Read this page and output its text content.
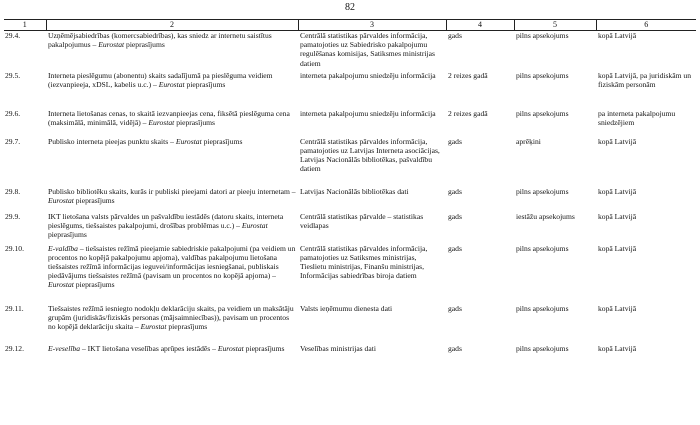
82
1	2	3	4	5	6
29.4.	Uzņēmējsabiedrības (komercsabiedrības), kas sniedz ar internetu saistītus pakalpojumus – Eurostat pieprasījums	Centrālā statistikas pārvaldes informācija, pamatojoties uz Sabiedrisko pakalpojumu regulēšanas komisijas, Satiksmes ministrijas datiem	gads	pilns apsekojums	kopā Latvijā
29.5.	Interneta pieslēgumu (abonentu) skaits sadalījumā pa pieslēguma veidiem (iezvanpieeja, xDSL, kabelis u.c.) – Eurostat pieprasījums	interneta pakalpojumu sniedzēju informācija	2 reizes gadā	pilns apsekojums	kopā Latvijā, pa juridiskām un fiziskām personām
29.6.	Interneta lietošanas cenas, to skaitā iezvanpieejas cena, fiksētā pieslēguma cena (maksimālā, minimālā, vidējā) – Eurostat pieprasījums	interneta pakalpojumu sniedzēju informācija	2 reizes gadā	pilns apsekojums	pa interneta pakalpojumu sniedzējiem
29.7.	Publisko interneta pieejas punktu skaits – Eurostat pieprasījums	Centrālā statistikas pārvaldes informācija, pamatojoties uz Latvijas Interneta asociācijas, Latvijas Nacionālās bibliotēkas, pašvaldību datiem	gads	aprēķini	kopā Latvijā
29.8.	Publisko bibliotēku skaits, kurās ir publiski pieejami datori ar pieeju internetam – Eurostat pieprasījums	Latvijas Nacionālās bibliotēkas dati	gads	pilns apsekojums	kopā Latvijā
29.9.	IKT lietošana valsts pārvaldes un pašvaldību iestādēs (datoru skaits, interneta pieslēgums, tiešsaistes pakalpojumi, drošības problēmas u.c.) – Eurostat pieprasījums	Centrālā statistikas pārvalde – statistikas veidlapas	gads	iestāžu apsekojums	kopā Latvijā
29.10.	E-valdība – tiešsaistes režīmā pieejamie sabiedriskie pakalpojumi (pa veidiem un procentos no kopējā pakalpojumu apjoma), valdības pakalpojumu lietošana tiešsaistes režīmā informācijas ieguvei/informācijas iesniegšanai, publiskais piedāvājums tiešsaistes režīmā (pavisam un procentos no kopējā apjoma) – Eurostat pieprasījums	Centrālā statistikas pārvaldes informācija, pamatojoties uz Satiksmes ministrijas, Tieslietu ministrijas, Finanšu ministrijas, Informācijas sabiedrības biroja datiem	gads	pilns apsekojums	kopā Latvijā
29.11.	Tiešsaistes režīmā iesniegto nodokļu deklarāciju skaits, pa veidiem un maksātāju grupām (juridiskās/fiziskās personas (mājsaimniecības)), pavisam un procentos no kopējā deklarāciju skaita – Eurostat pieprasījums	Valsts ieņēmumu dienesta dati	gads	pilns apsekojums	kopā Latvijā
29.12.	E-veselība – IKT lietošana veselības aprūpes iestādēs – Eurostat pieprasījums	Veselības ministrijas dati	gads	pilns apsekojums	kopā Latvijā
